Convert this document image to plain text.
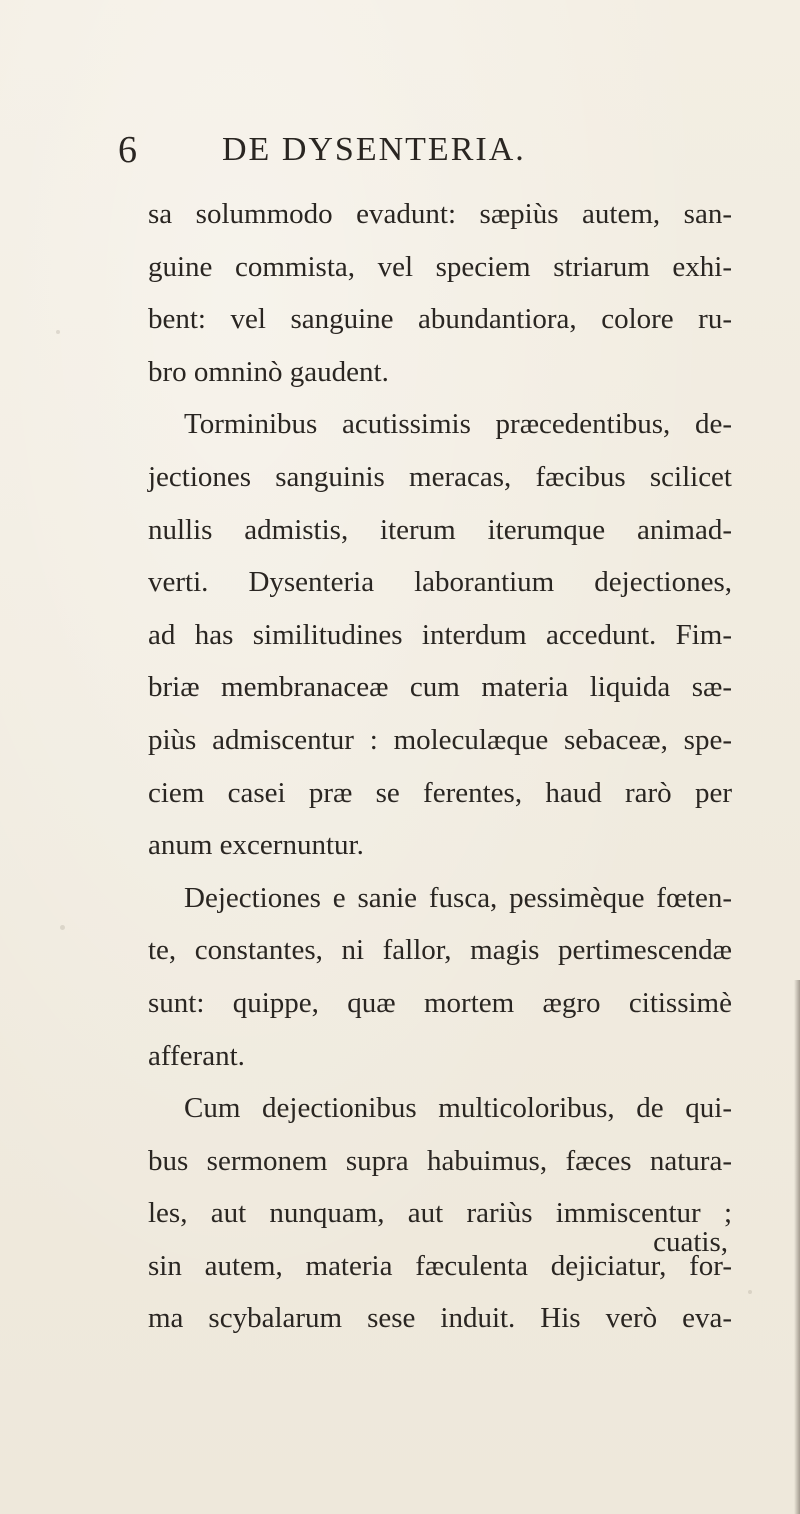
6	DE DYSENTERIA.
sa solummodo evadunt: sæpiùs autem, san-
guine commista, vel speciem striarum exhi-
bent: vel sanguine abundantiora, colore ru-
bro omninò gaudent.
Torminibus acutissimis præcedentibus, de-
jectiones sanguinis meracas, fæcibus scilicet
nullis admistis, iterum iterumque animad-
verti. Dysenteria laborantium dejectiones,
ad has similitudines interdum accedunt. Fim-
briæ membranaceæ cum materia liquida sæ-
piùs admiscentur : moleculæque sebaceæ, spe-
ciem casei præ se ferentes, haud rarò per
anum excernuntur.
Dejectiones e sanie fusca, pessimèque fœten-
te, constantes, ni fallor, magis pertimescendæ
sunt: quippe, quæ mortem ægro citissimè
afferant.
Cum dejectionibus multicoloribus, de qui-
bus sermonem supra habuimus, fæces natura-
les, aut nunquam, aut rariùs immiscentur ;
sin autem, materia fæculenta dejiciatur, for-
ma scybalarum sese induit. His verò eva-
cuatis,
